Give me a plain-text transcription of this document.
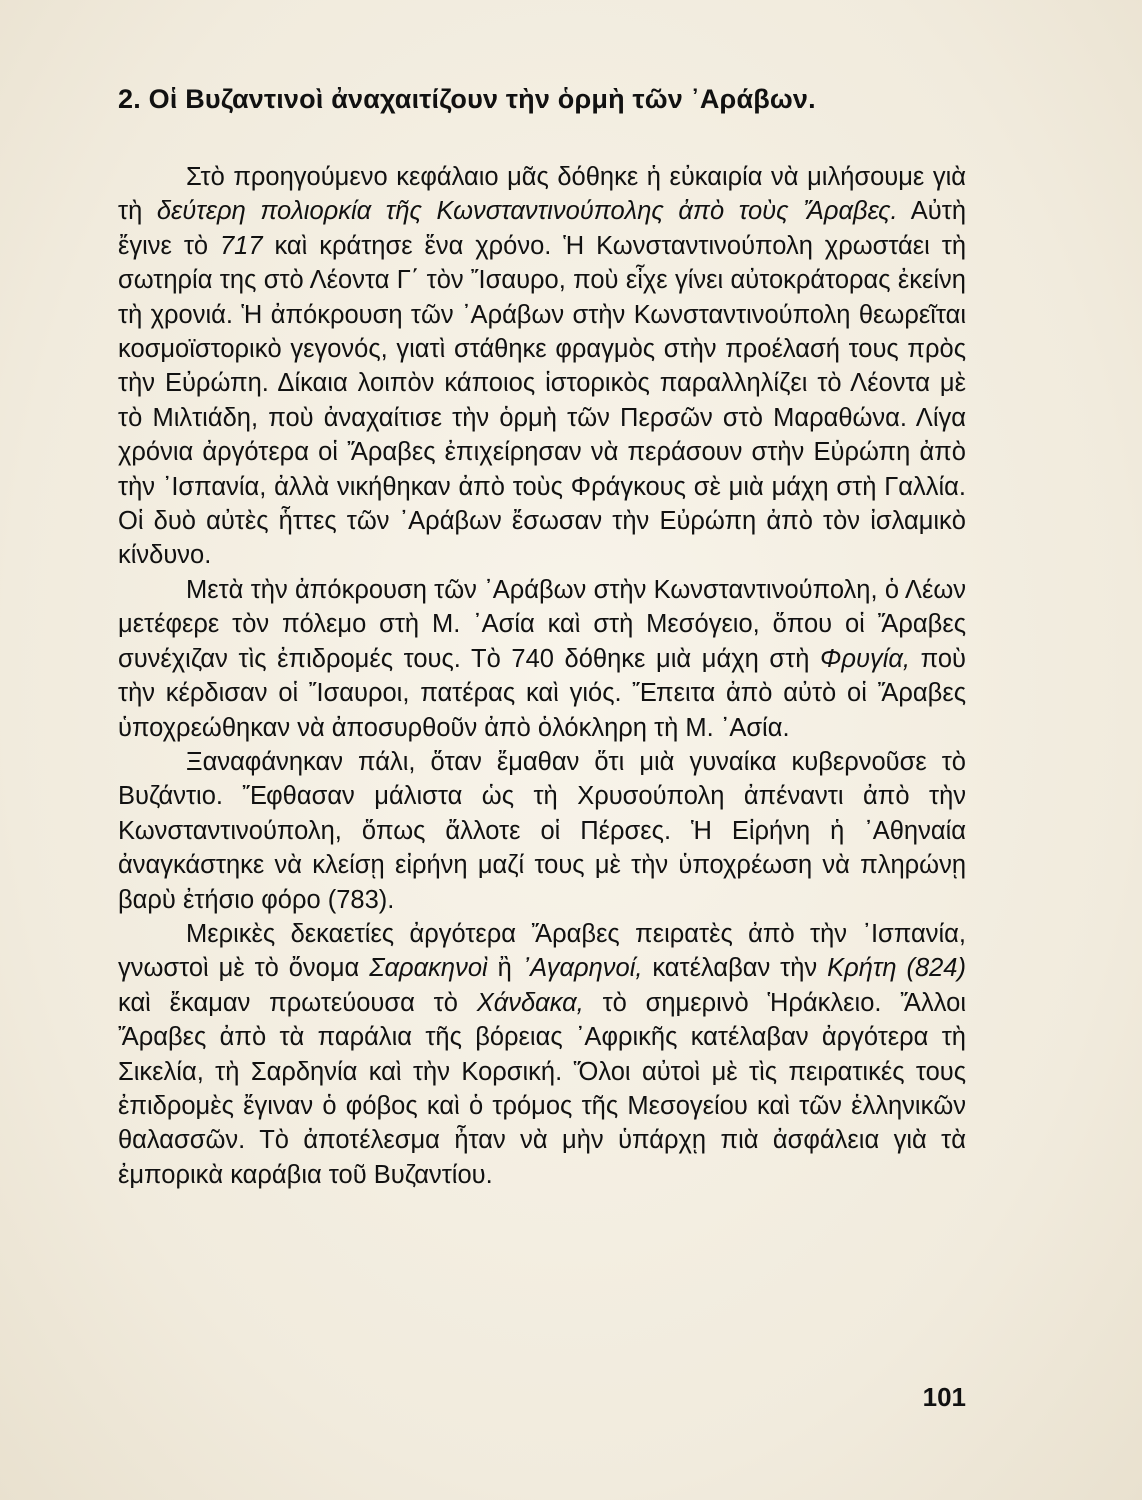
2. Οἱ Βυζαντινοὶ ἀναχαιτίζουν τὴν ὁρμὴ τῶν ᾿Αράβων.

Στὸ προηγούμενο κεφάλαιο μᾶς δόθηκε ἡ εὐκαιρία νὰ μιλήσουμε γιὰ τὴ δεύτερη πολιορκία τῆς Κωνσταντινούπολης ἀπὸ τοὺς Ἄραβες. Αὐτὴ ἔγινε τὸ 717 καὶ κράτησε ἕνα χρόνο. Ἡ Κωνσταντινούπολη χρωστάει τὴ σωτηρία της στὸ Λέοντα Γ΄ τὸν Ἴσαυρο, ποὺ εἶχε γίνει αὐτοκράτορας ἐκείνη τὴ χρονιά. Ἡ ἀπόκρουση τῶν ᾿Αράβων στὴν Κωνσταντινούπολη θεωρεῖται κοσμοϊστορικὸ γεγονός, γιατὶ στάθηκε φραγμὸς στὴν προέλασή τους πρὸς τὴν Εὐρώπη. Δίκαια λοιπὸν κάποιος ἱστορικὸς παραλληλίζει τὸ Λέοντα μὲ τὸ Μιλτιάδη, ποὺ ἀναχαίτισε τὴν ὁρμὴ τῶν Περσῶν στὸ Μαραθώνα. Λίγα χρόνια ἀργότερα οἱ Ἄραβες ἐπιχείρησαν νὰ περάσουν στὴν Εὐρώπη ἀπὸ τὴν ᾿Ισπανία, ἀλλὰ νικήθηκαν ἀπὸ τοὺς Φράγκους σὲ μιὰ μάχη στὴ Γαλλία. Οἱ δυὸ αὐτὲς ἧττες τῶν ᾿Αράβων ἔσωσαν τὴν Εὐρώπη ἀπὸ τὸν ἰσλαμικὸ κίνδυνο.

Μετὰ τὴν ἀπόκρουση τῶν ᾿Αράβων στὴν Κωνσταντινούπολη, ὁ Λέων μετέφερε τὸν πόλεμο στὴ Μ. ᾿Ασία καὶ στὴ Μεσόγειο, ὅπου οἱ Ἄραβες συνέχιζαν τὶς ἐπιδρομές τους. Τὸ 740 δόθηκε μιὰ μάχη στὴ Φρυγία, ποὺ τὴν κέρδισαν οἱ Ἴσαυροι, πατέρας καὶ γιός. Ἔπειτα ἀπὸ αὐτὸ οἱ Ἄραβες ὑποχρεώθηκαν νὰ ἀποσυρθοῦν ἀπὸ ὁλόκληρη τὴ Μ. ᾿Ασία.

Ξαναφάνηκαν πάλι, ὅταν ἔμαθαν ὅτι μιὰ γυναίκα κυβερνοῦσε τὸ Βυζάντιο. Ἔφθασαν μάλιστα ὡς τὴ Χρυσούπολη ἀπέναντι ἀπὸ τὴν Κωνσταντινούπολη, ὅπως ἄλλοτε οἱ Πέρσες. Ἡ Εἰρήνη ἡ ᾿Αθηναία ἀναγκάστηκε νὰ κλείσῃ εἰρήνη μαζί τους μὲ τὴν ὑποχρέωση νὰ πληρώνῃ βαρὺ ἐτήσιο φόρο (783).

Μερικὲς δεκαετίες ἀργότερα Ἄραβες πειρατὲς ἀπὸ τὴν ᾿Ισπανία, γνωστοὶ μὲ τὸ ὄνομα Σαρακηνοὶ ἢ ᾿Αγαρηνοί, κατέλαβαν τὴν Κρήτη (824) καὶ ἔκαμαν πρωτεύουσα τὸ Χάνδακα, τὸ σημερινὸ Ἡράκλειο. Ἄλλοι Ἄραβες ἀπὸ τὰ παράλια τῆς βόρειας ᾿Αφρικῆς κατέλαβαν ἀργότερα τὴ Σικελία, τὴ Σαρδηνία καὶ τὴν Κορσική. Ὅλοι αὐτοὶ μὲ τὶς πειρατικές τους ἐπιδρομὲς ἔγιναν ὁ φόβος καὶ ὁ τρόμος τῆς Μεσογείου καὶ τῶν ἑλληνικῶν θαλασσῶν. Τὸ ἀποτέλεσμα ἦταν νὰ μὴν ὑπάρχῃ πιὰ ἀσφάλεια γιὰ τὰ ἐμπορικὰ καράβια τοῦ Βυζαντίου.

101
